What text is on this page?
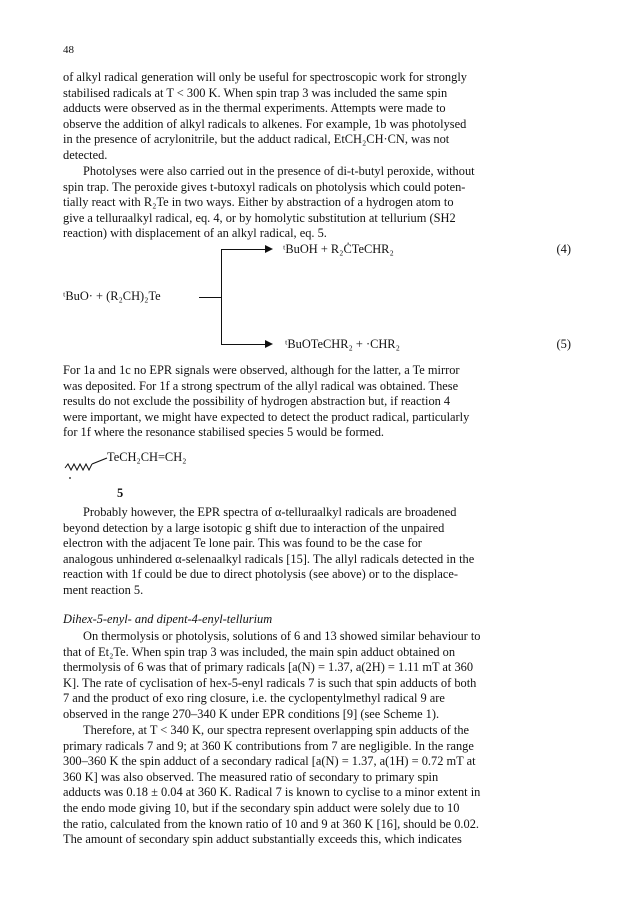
48
of alkyl radical generation will only be useful for spectroscopic work for strongly
stabilised radicals at T < 300 K. When spin trap 3 was included the same spin
adducts were observed as in the thermal experiments. Attempts were made to
observe the addition of alkyl radicals to alkenes. For example, 1b was photolysed
in the presence of acrylonitrile, but the adduct radical, EtCH₂CH·CN, was not
detected.
Photolyses were also carried out in the presence of di-t-butyl peroxide, without
spin trap. The peroxide gives t-butoxyl radicals on photolysis which could poten-
tially react with R₂Te in two ways. Either by abstraction of a hydrogen atom to
give a telluraalkyl radical, eq. 4, or by homolytic substitution at tellurium (SH2
reaction) with displacement of an alkyl radical, eq. 5.
ᵗBuOH + R₂ĊTeCHR₂	(4)
ᵗBuO· + (R₂CH)₂Te
ᵗBuOTeCHR₂ + ·CHR₂	(5)
For 1a and 1c no EPR signals were observed, although for the latter, a Te mirror
was deposited. For 1f a strong spectrum of the allyl radical was obtained. These
results do not exclude the possibility of hydrogen abstraction but, if reaction 4
were important, we might have expected to detect the product radical, particularly
for 1f where the resonance stabilised species 5 would be formed.
TeCH₂CH=CH₂
5
Probably however, the EPR spectra of α-telluraalkyl radicals are broadened
beyond detection by a large isotopic g shift due to interaction of the unpaired
electron with the adjacent Te lone pair. This was found to be the case for
analogous unhindered α-selenaalkyl radicals [15]. The allyl radicals detected in the
reaction with 1f could be due to direct photolysis (see above) or to the displace-
ment reaction 5.
Dihex-5-enyl- and dipent-4-enyl-tellurium
On thermolysis or photolysis, solutions of 6 and 13 showed similar behaviour to
that of Et₂Te. When spin trap 3 was included, the main spin adduct obtained on
thermolysis of 6 was that of primary radicals [a(N) = 1.37, a(2H) = 1.11 mT at 360
K]. The rate of cyclisation of hex-5-enyl radicals 7 is such that spin adducts of both
7 and the product of exo ring closure, i.e. the cyclopentylmethyl radical 9 are
observed in the range 270–340 K under EPR conditions [9] (see Scheme 1).
Therefore, at T < 340 K, our spectra represent overlapping spin adducts of the
primary radicals 7 and 9; at 360 K contributions from 7 are negligible. In the range
300–360 K the spin adduct of a secondary radical [a(N) = 1.37, a(1H) = 0.72 mT at
360 K] was also observed. The measured ratio of secondary to primary spin
adducts was 0.18 ± 0.04 at 360 K. Radical 7 is known to cyclise to a minor extent in
the endo mode giving 10, but if the secondary spin adduct were solely due to 10
the ratio, calculated from the known ratio of 10 and 9 at 360 K [16], should be 0.02.
The amount of secondary spin adduct substantially exceeds this, which indicates
